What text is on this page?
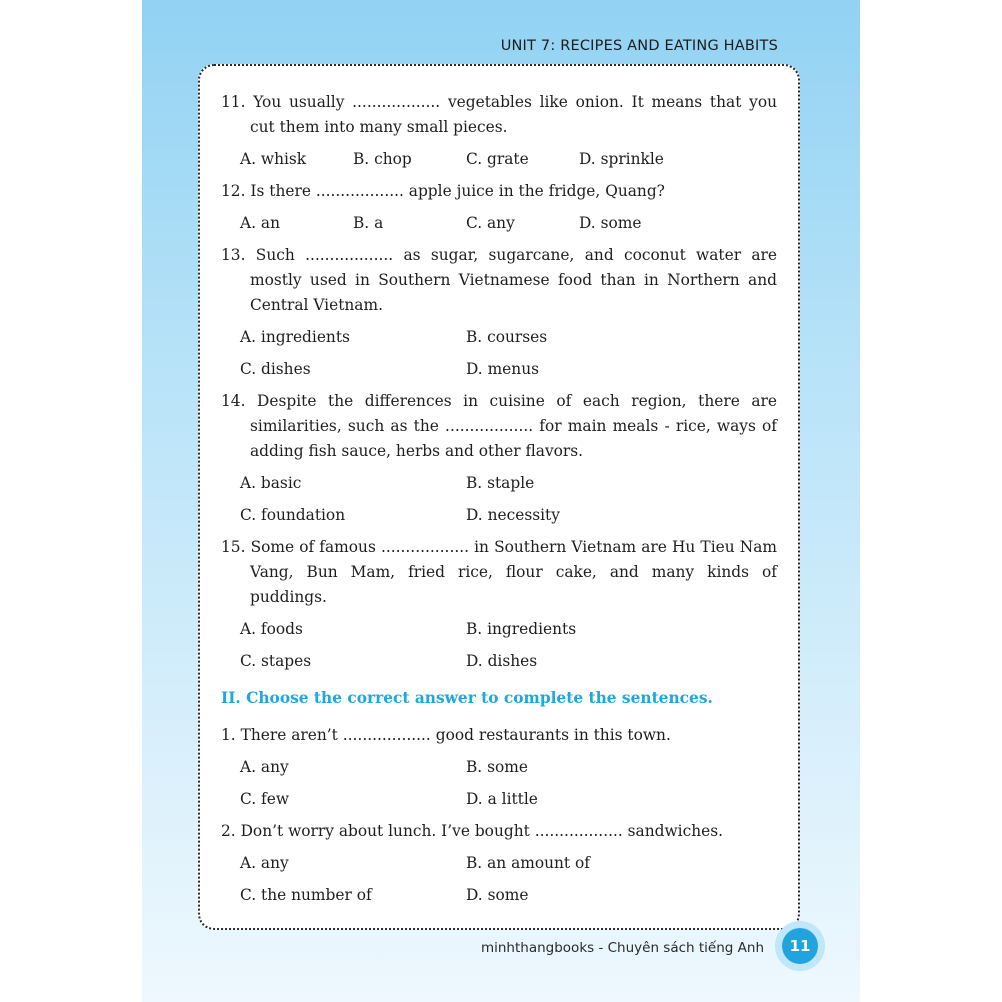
UNIT 7: RECIPES AND EATING HABITS
minhthangbooks - Chuyên sách tiếng Anh	11
11. You usually .................. vegetables like onion. It means that you cut them into many small pieces.
A. whisk	B. chop	C. grate	D. sprinkle
12. Is there .................. apple juice in the fridge, Quang?
A. an	B. a	C. any	D. some
13. Such .................. as sugar, sugarcane, and coconut water are mostly used in Southern Vietnamese food than in Northern and Central Vietnam.
A. ingredients	B. courses
C. dishes	D. menus
14. Despite the differences in cuisine of each region, there are similarities, such as the .................. for main meals - rice, ways of adding fish sauce, herbs and other flavors.
A. basic	B. staple
C. foundation	D. necessity
15. Some of famous .................. in Southern Vietnam are Hu Tieu Nam Vang, Bun Mam, fried rice, flour cake, and many kinds of puddings.
A. foods	B. ingredients
C. stapes	D. dishes
II. Choose the correct answer to complete the sentences.
1. There aren’t .................. good restaurants in this town.
A. any	B. some
C. few	D. a little
2. Don’t worry about lunch. I’ve bought .................. sandwiches.
A. any	B. an amount of
C. the number of	D. some
